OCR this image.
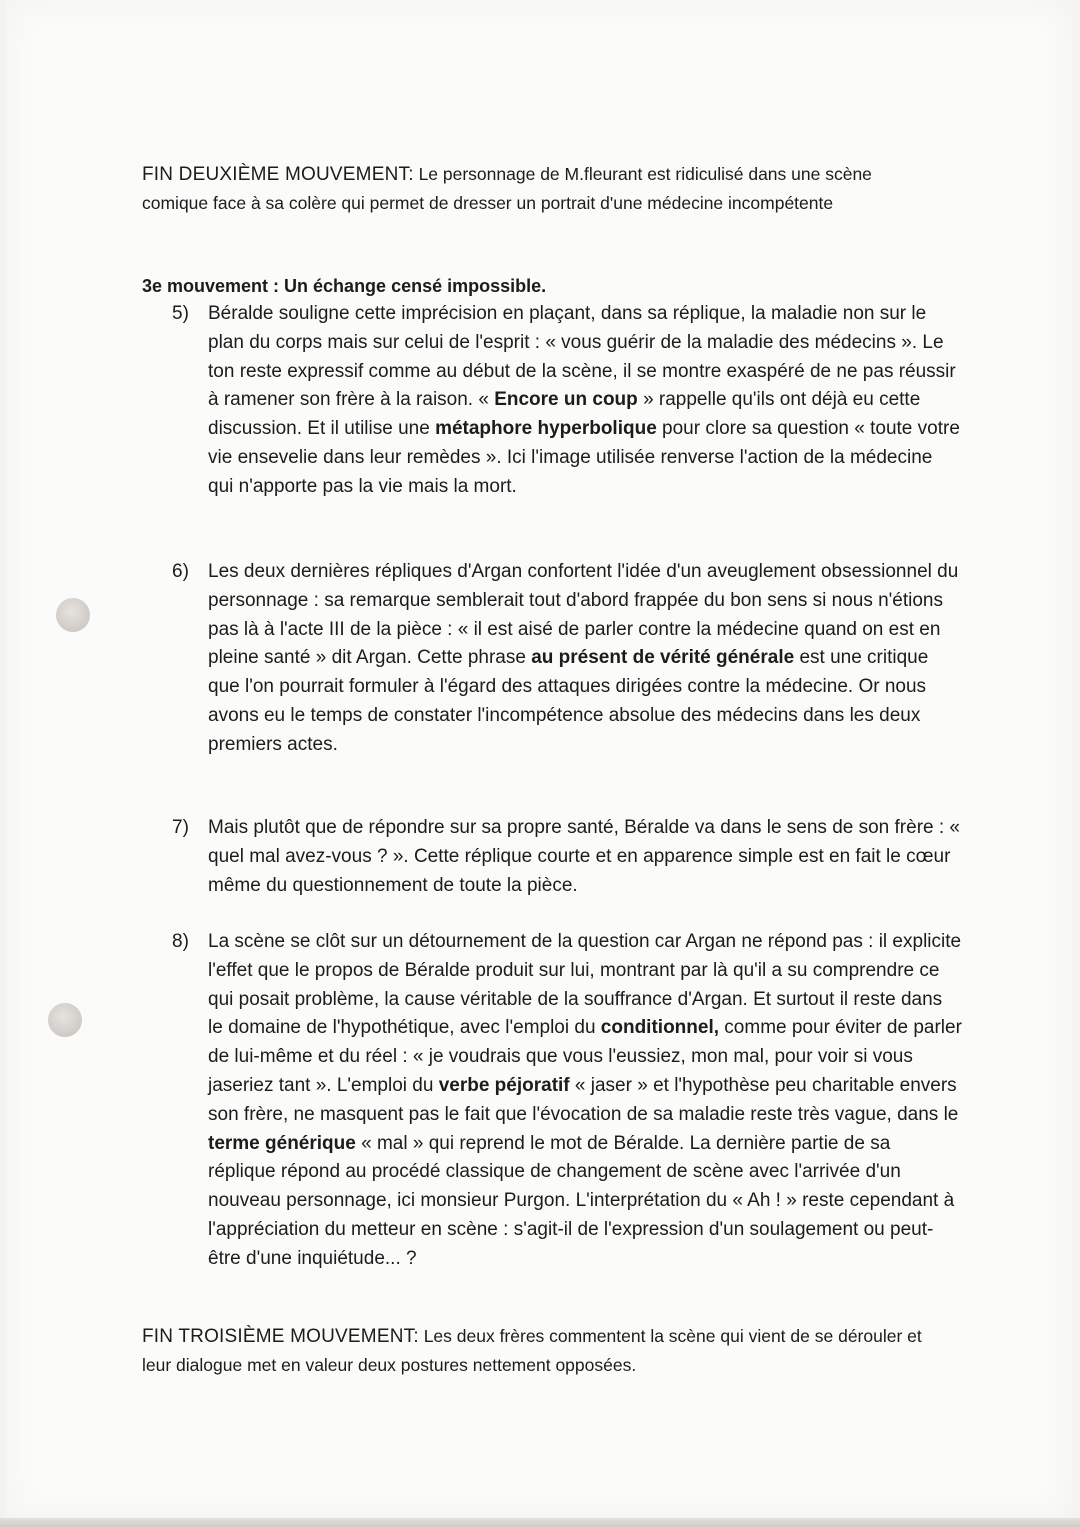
FIN DEUXIÈME MOUVEMENT: Le personnage de M.fleurant est ridiculisé dans une scène comique face à sa colère qui permet de dresser un portrait d'une médecine incompétente
3e mouvement : Un échange censé impossible.
5) Béralde souligne cette imprécision en plaçant, dans sa réplique, la maladie non sur le plan du corps mais sur celui de l'esprit : « vous guérir de la maladie des médecins ». Le ton reste expressif comme au début de la scène, il se montre exaspéré de ne pas réussir à ramener son frère à la raison. « Encore un coup » rappelle qu'ils ont déjà eu cette discussion. Et il utilise une métaphore hyperbolique pour clore sa question « toute votre vie ensevelie dans leur remèdes ». Ici l'image utilisée renverse l'action de la médecine qui n'apporte pas la vie mais la mort.
6) Les deux dernières répliques d'Argan confortent l'idée d'un aveuglement obsessionnel du personnage : sa remarque semblerait tout d'abord frappée du bon sens si nous n'étions pas là à l'acte III de la pièce : « il est aisé de parler contre la médecine quand on est en pleine santé » dit Argan. Cette phrase au présent de vérité générale est une critique que l'on pourrait formuler à l'égard des attaques dirigées contre la médecine. Or nous avons eu le temps de constater l'incompétence absolue des médecins dans les deux premiers actes.
7) Mais plutôt que de répondre sur sa propre santé, Béralde va dans le sens de son frère : « quel mal avez-vous ? ». Cette réplique courte et en apparence simple est en fait le cœur même du questionnement de toute la pièce.
8) La scène se clôt sur un détournement de la question car Argan ne répond pas : il explicite l'effet que le propos de Béralde produit sur lui, montrant par là qu'il a su comprendre ce qui posait problème, la cause véritable de la souffrance d'Argan. Et surtout il reste dans le domaine de l'hypothétique, avec l'emploi du conditionnel, comme pour éviter de parler de lui-même et du réel : « je voudrais que vous l'eussiez, mon mal, pour voir si vous jaseriez tant ». L'emploi du verbe péjoratif « jaser » et l'hypothèse peu charitable envers son frère, ne masquent pas le fait que l'évocation de sa maladie reste très vague, dans le terme générique « mal » qui reprend le mot de Béralde. La dernière partie de sa réplique répond au procédé classique de changement de scène avec l'arrivée d'un nouveau personnage, ici monsieur Purgon. L'interprétation du « Ah ! » reste cependant à l'appréciation du metteur en scène : s'agit-il de l'expression d'un soulagement ou peut-être d'une inquiétude... ?
FIN TROISIÈME MOUVEMENT: Les deux frères commentent la scène qui vient de se dérouler et leur dialogue met en valeur deux postures nettement opposées.
